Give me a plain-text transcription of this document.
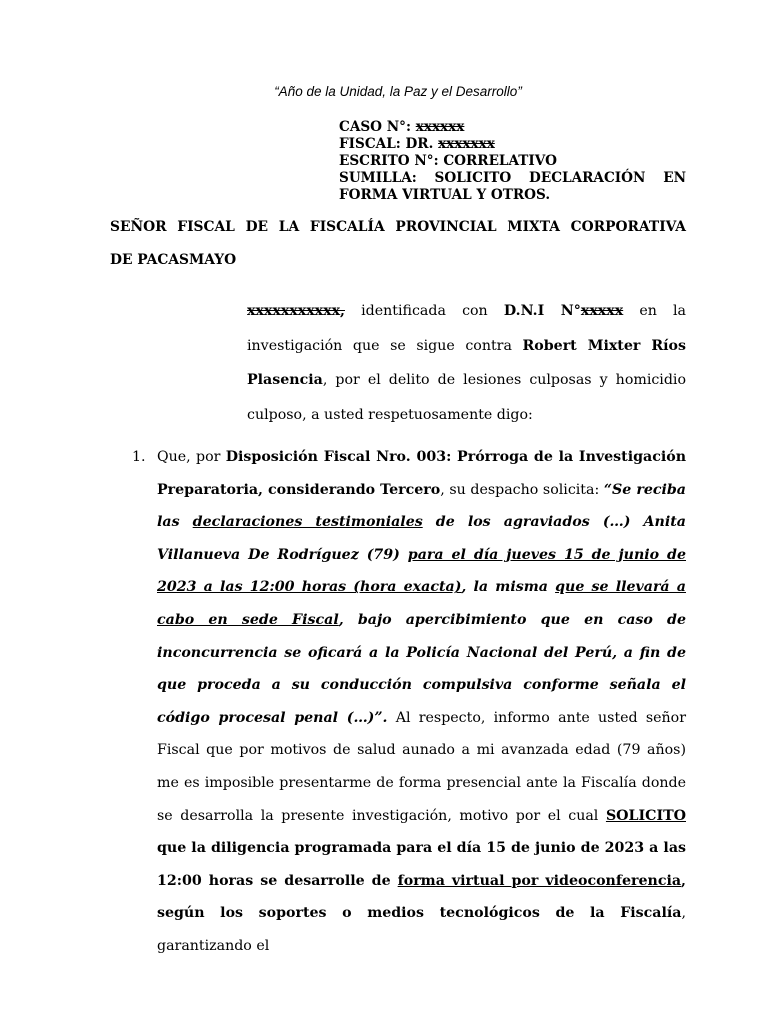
“Año de la Unidad, la Paz y el Desarrollo”
CASO N°: xxxxxx
FISCAL: DR. xxxxxxx
ESCRITO N°: CORRELATIVO
SUMILLA: SOLICITO DECLARACIÓN EN
FORMA VIRTUAL Y OTROS.
SEÑOR FISCAL DE LA FISCALÍA PROVINCIAL MIXTA CORPORATIVA
DE PACASMAYO
xxxxxxxxxxx, identificada con D.N.I N°xxxxx en la investigación que se sigue contra Robert Mixter Ríos Plasencia, por el delito de lesiones culposas y homicidio culposo, a usted respetuosamente digo:
1. Que, por Disposición Fiscal Nro. 003: Prórroga de la Investigación Preparatoria, considerando Tercero, su despacho solicita: “Se reciba las declaraciones testimoniales de los agraviados (…) Anita Villanueva De Rodríguez (79) para el día jueves 15 de junio de 2023 a las 12:00 horas (hora exacta), la misma que se llevará a cabo en sede Fiscal, bajo apercibimiento que en caso de inconcurrencia se oficará a la Policía Nacional del Perú, a fin de que proceda a su conducción compulsiva conforme señala el código procesal penal (…)”. Al respecto, informo ante usted señor Fiscal que por motivos de salud aunado a mi avanzada edad (79 años) me es imposible presentarme de forma presencial ante la Fiscalía donde se desarrolla la presente investigación, motivo por el cual SOLICITO que la diligencia programada para el día 15 de junio de 2023 a las 12:00 horas se desarrolle de forma virtual por videoconferencia, según los soportes o medios tecnológicos de la Fiscalía, garantizando el
